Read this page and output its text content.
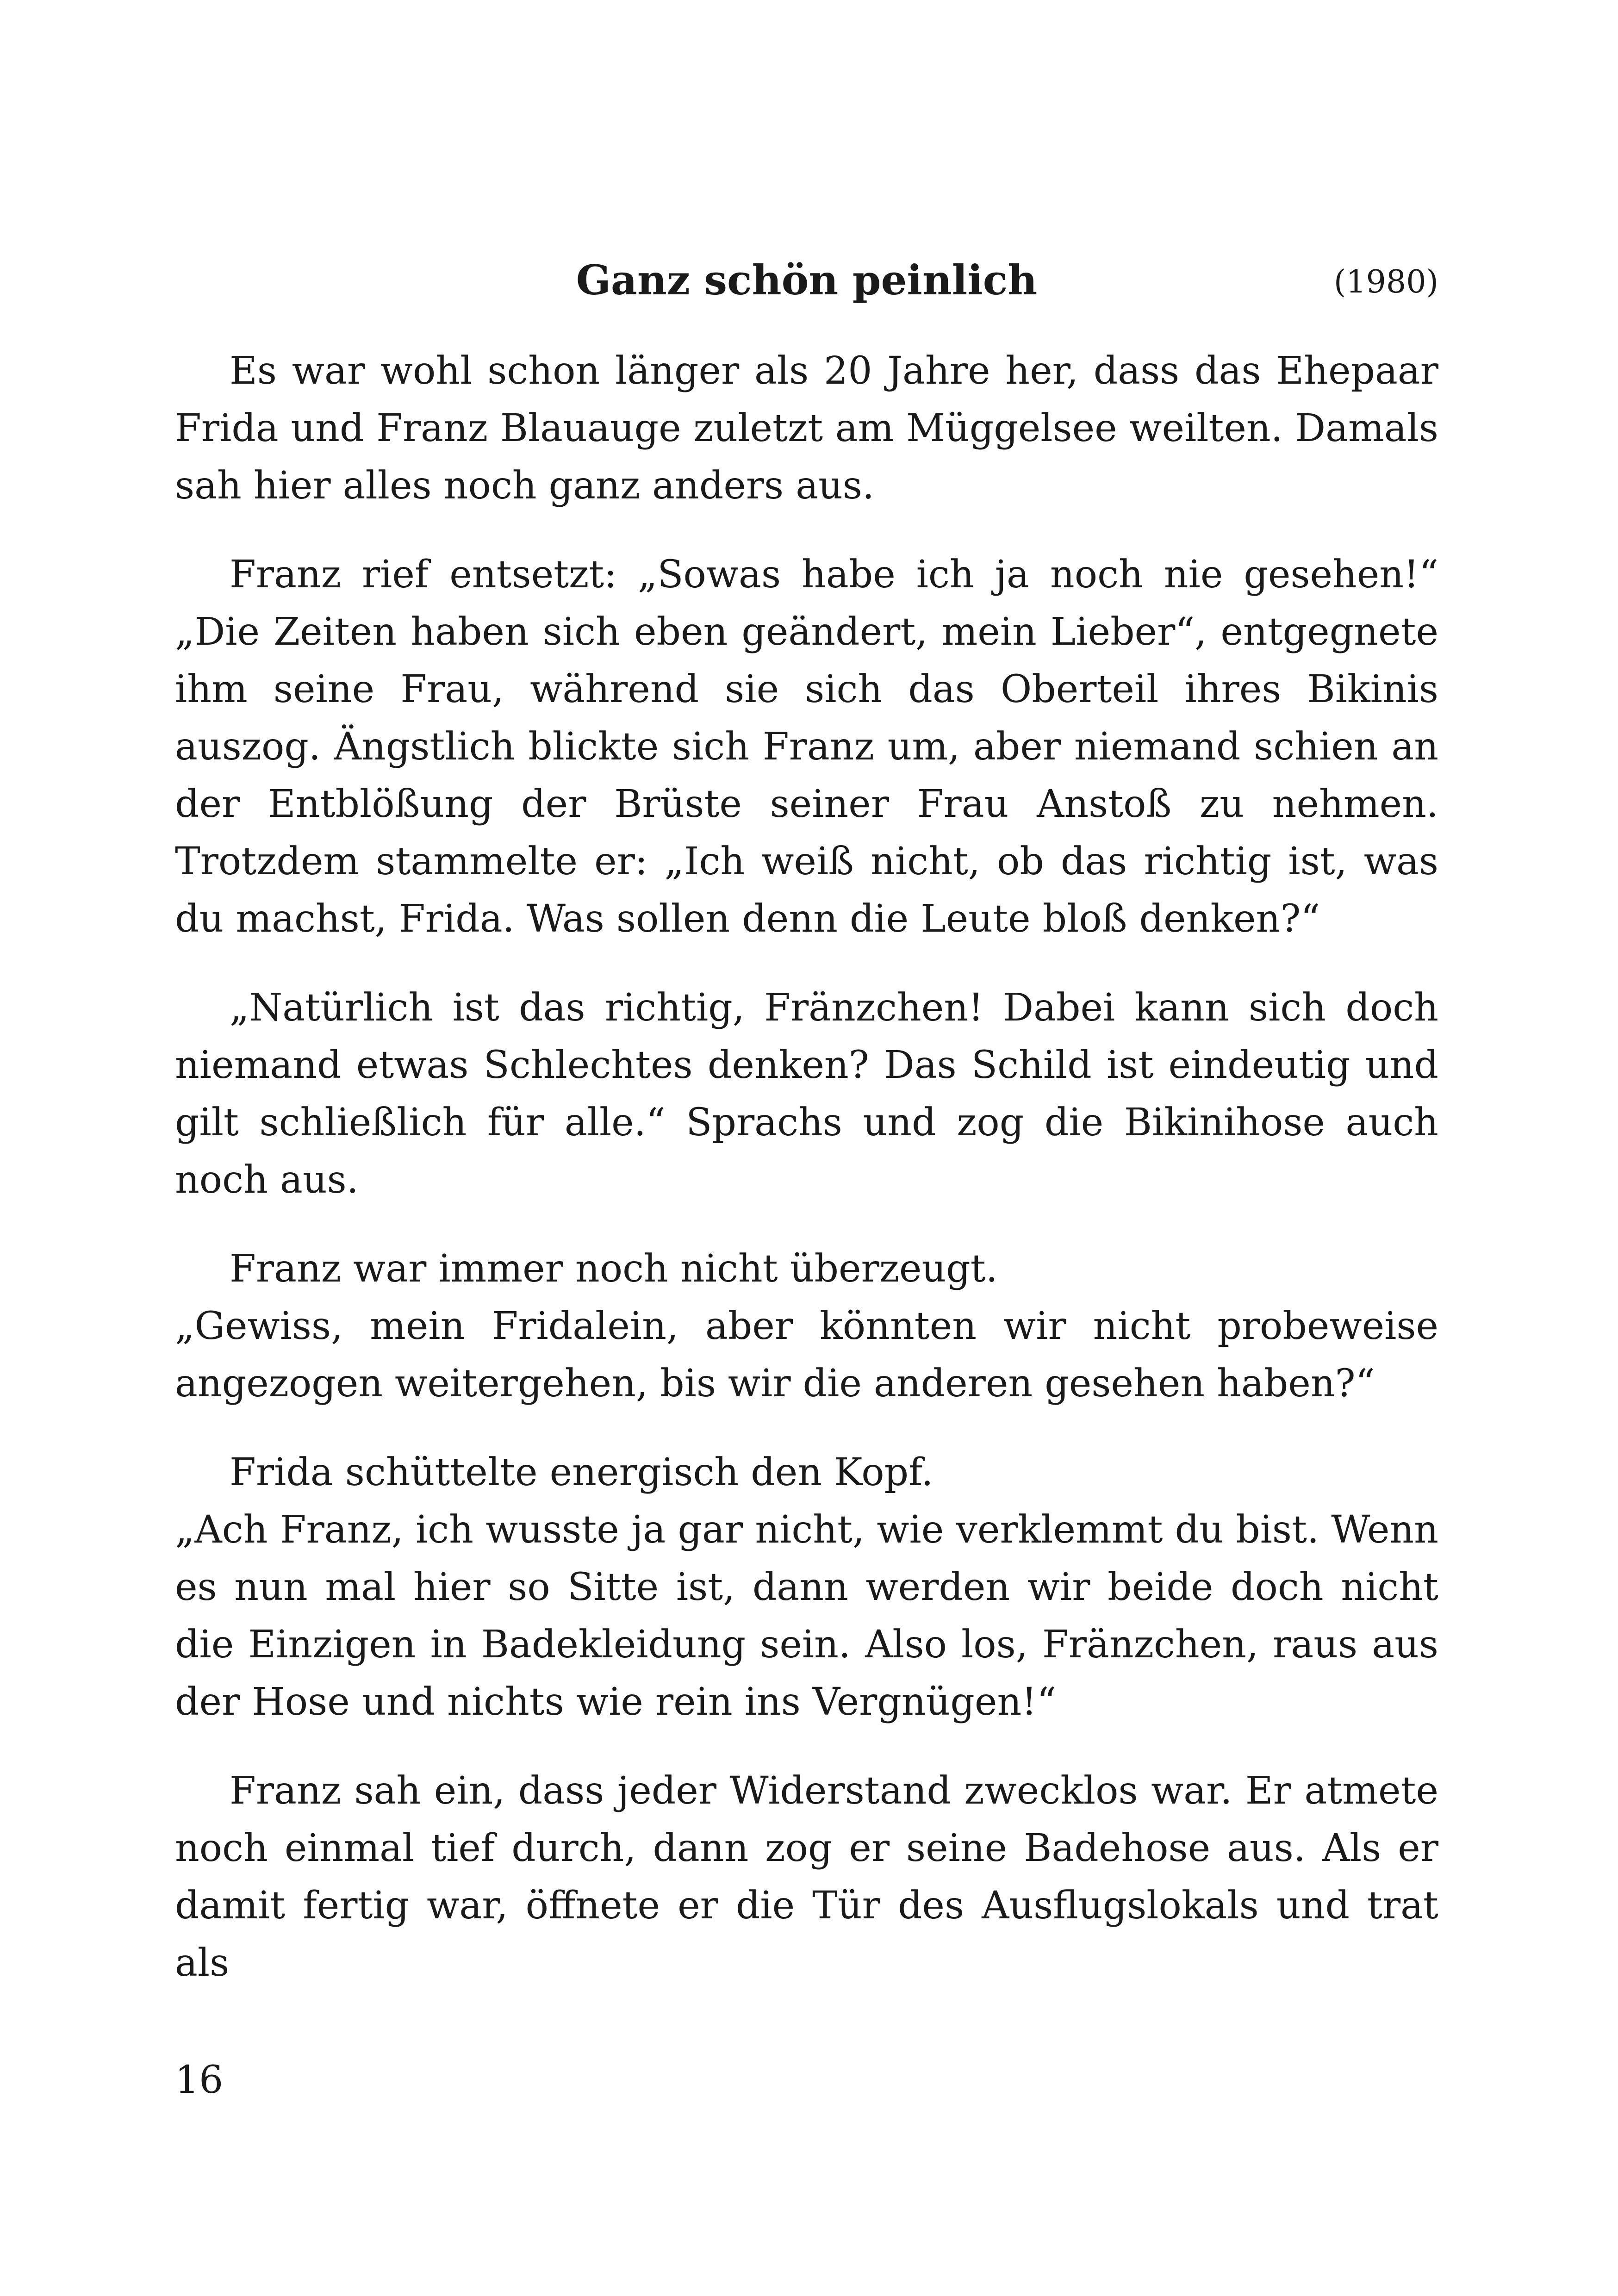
Ganz schön peinlich	(1980)

Es war wohl schon länger als 20 Jahre her, dass das Ehepaar Frida und Franz Blauauge zuletzt am Müggelsee weilten. Damals sah hier alles noch ganz anders aus.

Franz rief entsetzt: „Sowas habe ich ja noch nie gesehen!“ „Die Zeiten haben sich eben geändert, mein Lieber“, entgegnete ihm seine Frau, während sie sich das Oberteil ihres Bikinis auszog. Ängstlich blickte sich Franz um, aber niemand schien an der Entblößung der Brüste seiner Frau Anstoß zu nehmen. Trotzdem stammelte er: „Ich weiß nicht, ob das richtig ist, was du machst, Frida. Was sollen denn die Leute bloß denken?“

„Natürlich ist das richtig, Fränzchen! Dabei kann sich doch niemand etwas Schlechtes denken? Das Schild ist eindeutig und gilt schließlich für alle.“ Sprachs und zog die Bikinihose auch noch aus.

Franz war immer noch nicht überzeugt.
„Gewiss, mein Fridalein, aber könnten wir nicht probeweise angezogen weitergehen, bis wir die anderen gesehen haben?“

Frida schüttelte energisch den Kopf.
„Ach Franz, ich wusste ja gar nicht, wie verklemmt du bist. Wenn es nun mal hier so Sitte ist, dann werden wir beide doch nicht die Einzigen in Badekleidung sein. Also los, Fränzchen, raus aus der Hose und nichts wie rein ins Vergnügen!“

Franz sah ein, dass jeder Widerstand zwecklos war. Er atmete noch einmal tief durch, dann zog er seine Badehose aus. Als er damit fertig war, öffnete er die Tür des Ausflugslokals und trat als

16
